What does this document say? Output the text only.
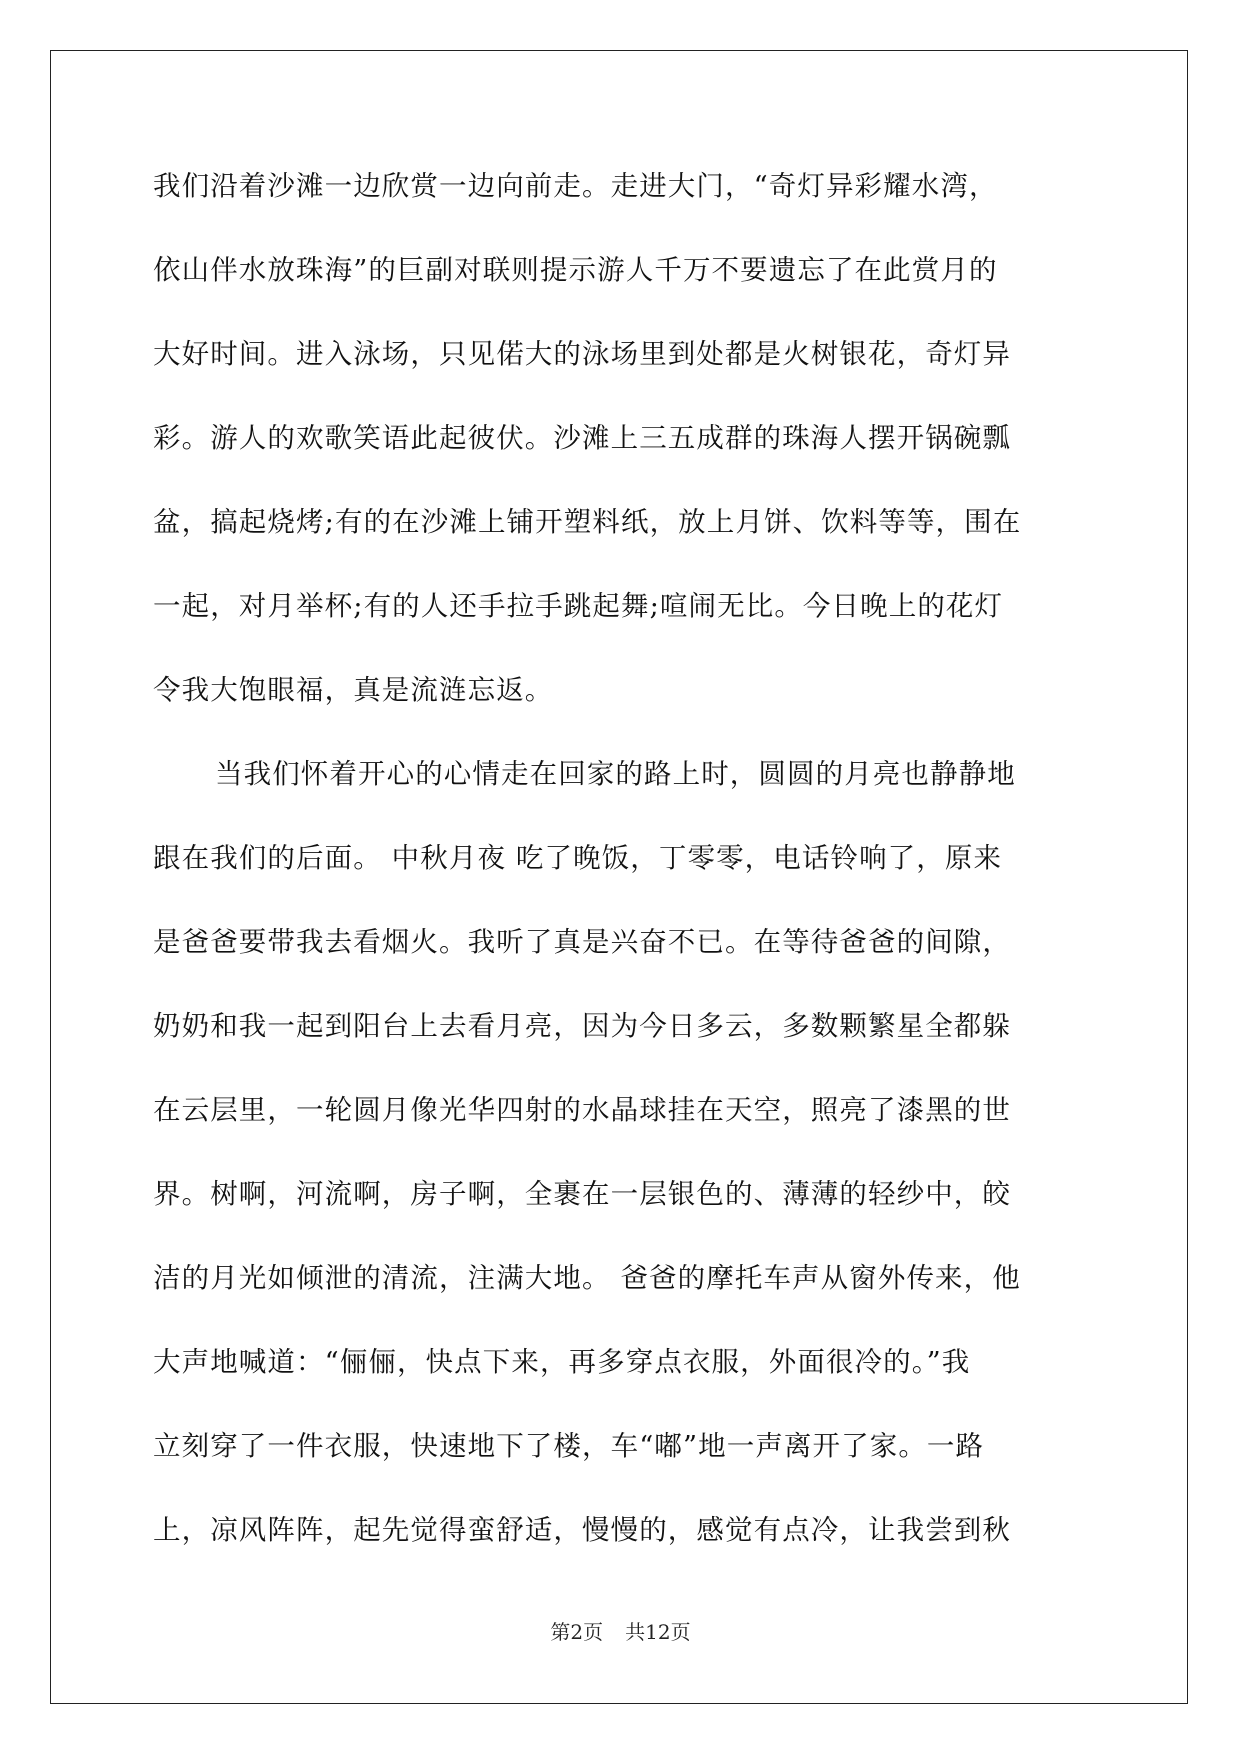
我们沿着沙滩一边欣赏一边向前走。走进大门，“奇灯异彩耀水湾，
依山伴水放珠海”的巨副对联则提示游人千万不要遗忘了在此赏月的
大好时间。进入泳场，只见偌大的泳场里到处都是火树银花，奇灯异
彩。游人的欢歌笑语此起彼伏。沙滩上三五成群的珠海人摆开锅碗瓢
盆，搞起烧烤;有的在沙滩上铺开塑料纸，放上月饼、饮料等等，围在
一起，对月举杯;有的人还手拉手跳起舞;喧闹无比。今日晚上的花灯
令我大饱眼福，真是流涟忘返。
当我们怀着开心的心情走在回家的路上时，圆圆的月亮也静静地
跟在我们的后面。 中秋月夜 吃了晚饭，丁零零，电话铃响了，原来
是爸爸要带我去看烟火。我听了真是兴奋不已。在等待爸爸的间隙，
奶奶和我一起到阳台上去看月亮，因为今日多云，多数颗繁星全都躲
在云层里，一轮圆月像光华四射的水晶球挂在天空，照亮了漆黑的世
界。树啊，河流啊，房子啊，全裹在一层银色的、薄薄的轻纱中，皎
洁的月光如倾泄的清流，注满大地。 爸爸的摩托车声从窗外传来，他
大声地喊道：“俪俪，快点下来，再多穿点衣服，外面很冷的。”我
立刻穿了一件衣服，快速地下了楼，车“嘟”地一声离开了家。一路
上，凉风阵阵，起先觉得蛮舒适，慢慢的，感觉有点冷，让我尝到秋
第2页 共12页
